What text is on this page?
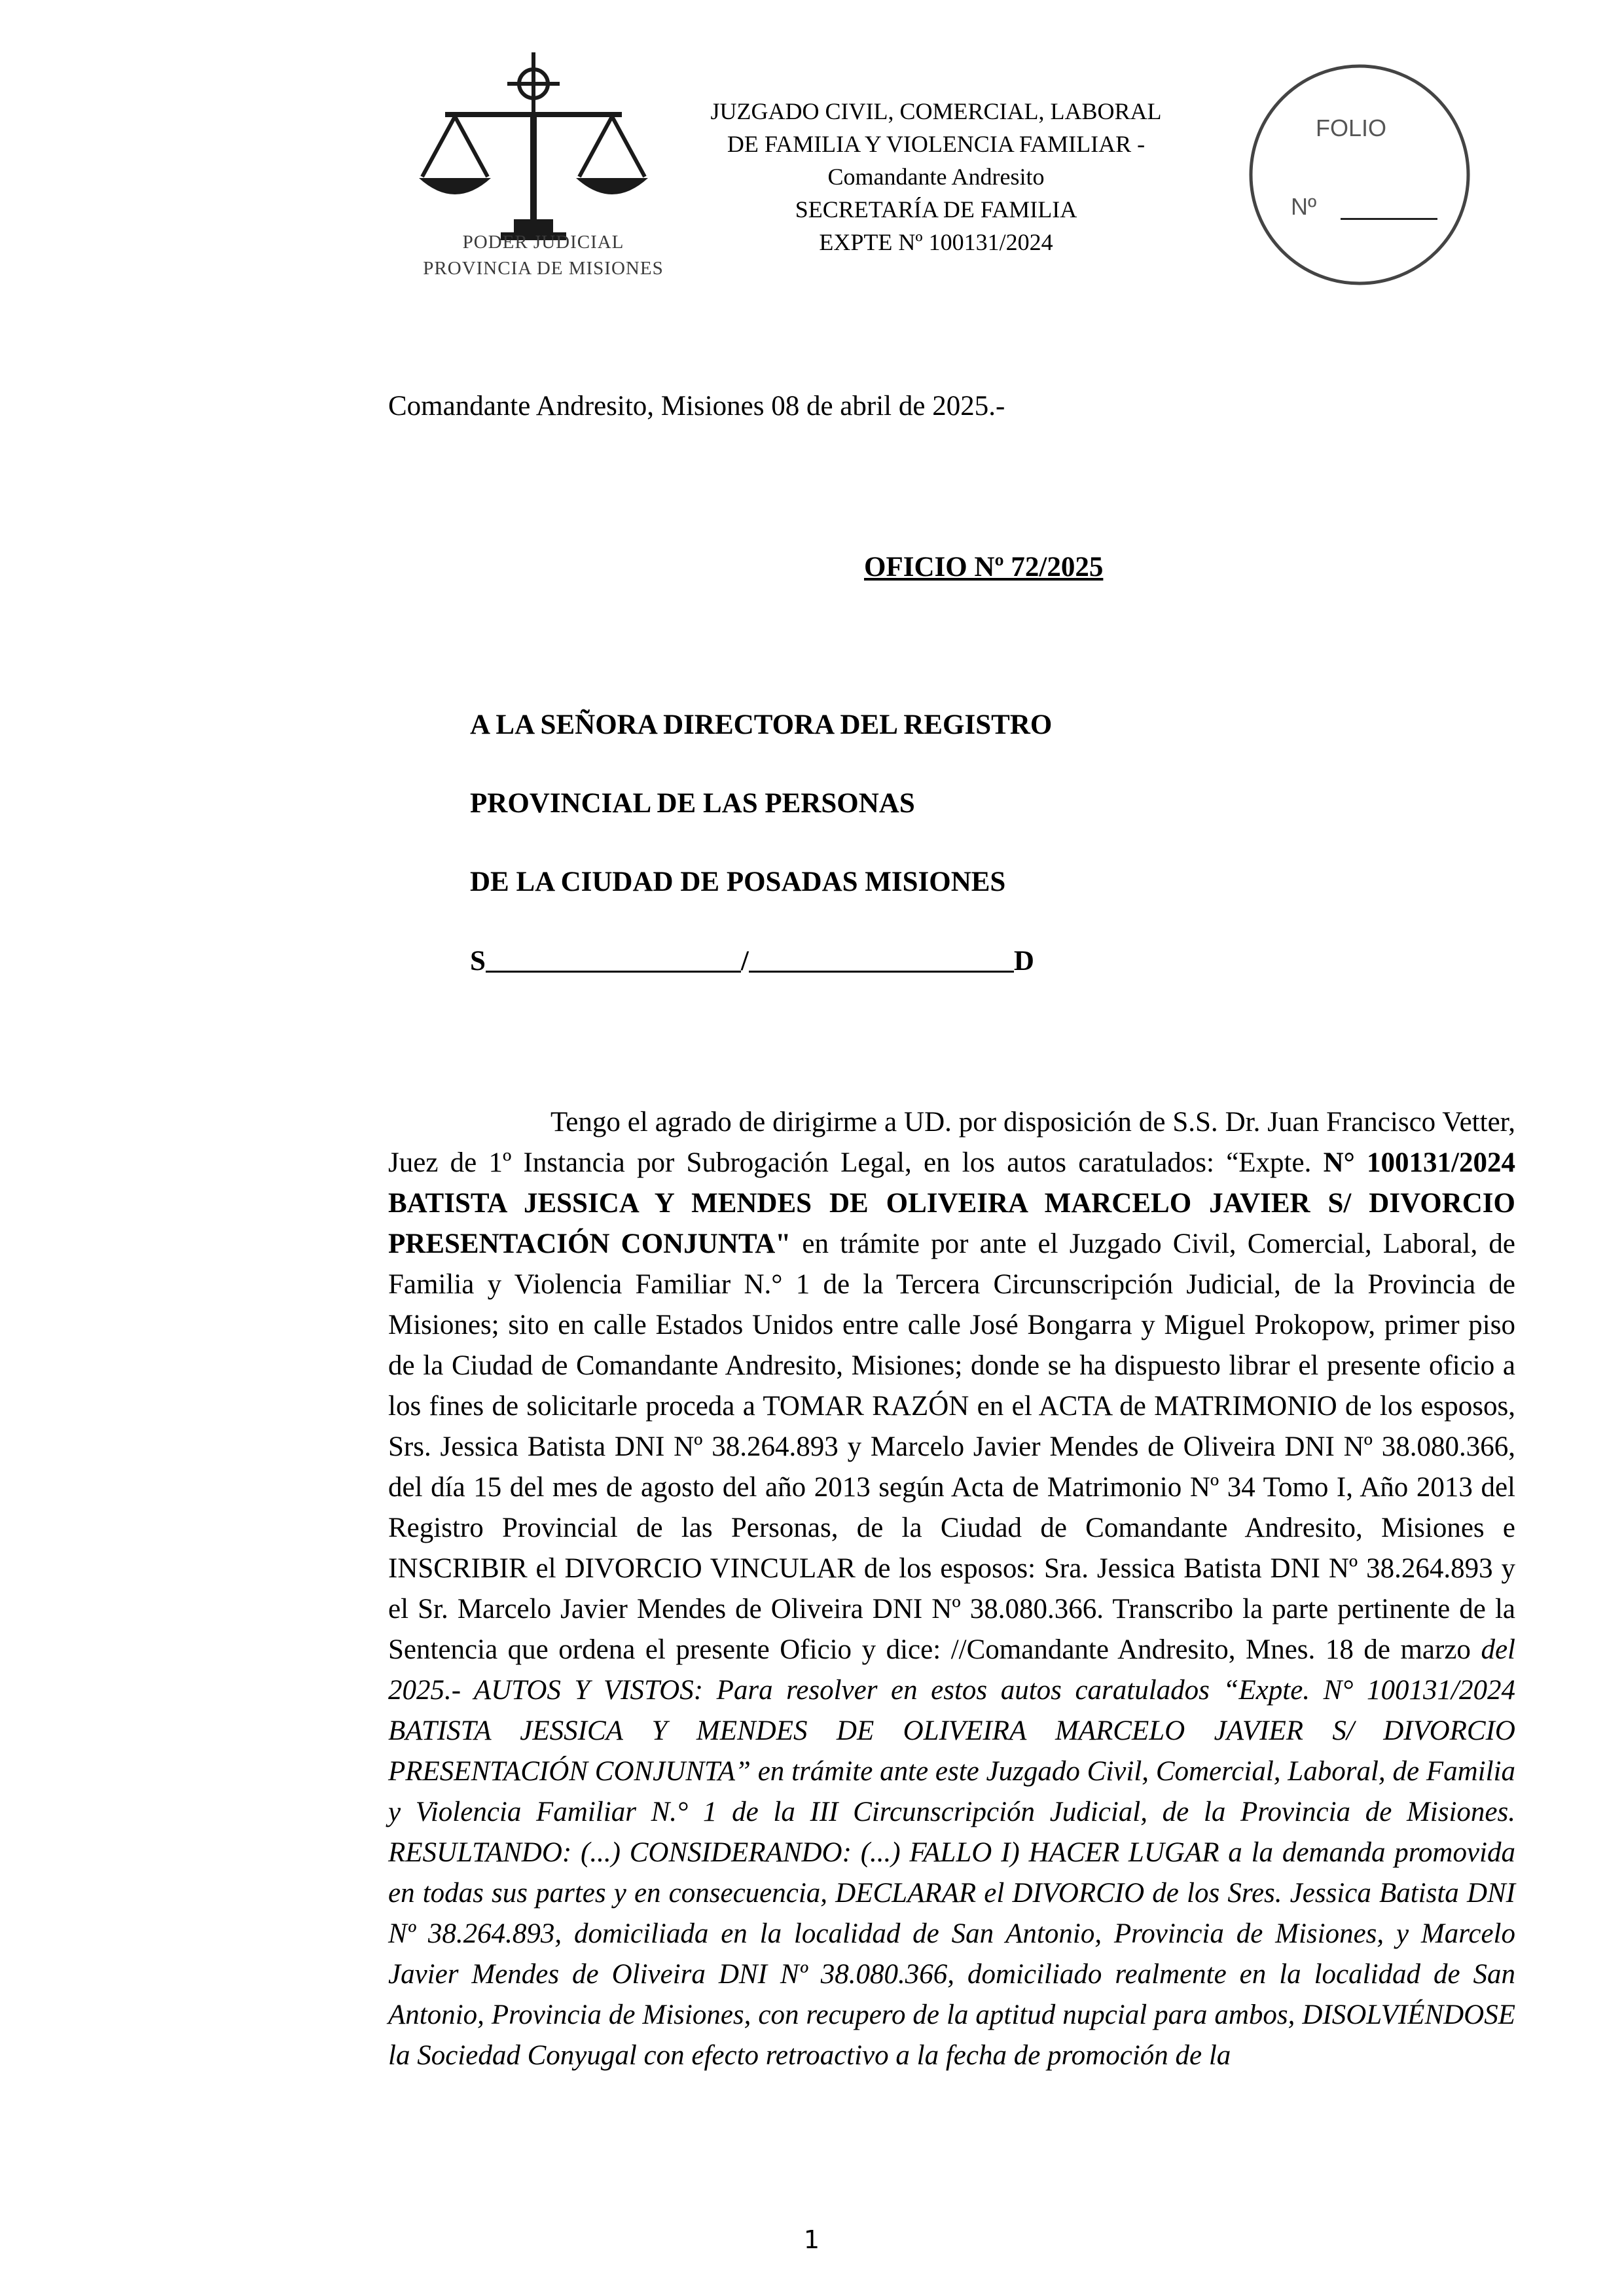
PODER JUDICIAL
PROVINCIA DE MISIONES
JUZGADO CIVIL, COMERCIAL, LABORAL
DE FAMILIA Y VIOLENCIA FAMILIAR -
Comandante Andresito
SECRETARÍA DE FAMILIA
EXPTE Nº 100131/2024
FOLIO
Nº
Comandante Andresito, Misiones 08 de abril de 2025.-
OFICIO Nº 72/2025
A LA SEÑORA DIRECTORA DEL REGISTRO
PROVINCIAL DE LAS PERSONAS
DE LA CIUDAD DE POSADAS MISIONES
S	/	D

Tengo el agrado de dirigirme a UD. por disposición de S.S. Dr. Juan Francisco Vetter, Juez de 1º Instancia por Subrogación Legal, en los autos caratulados: “Expte. N° 100131/2024 BATISTA JESSICA Y MENDES DE OLIVEIRA MARCELO JAVIER S/ DIVORCIO PRESENTACIÓN CONJUNTA" en trámite por ante el Juzgado Civil, Comercial, Laboral, de Familia y Violencia Familiar N.° 1 de la Tercera Circunscripción Judicial, de la Provincia de Misiones; sito en calle Estados Unidos entre calle José Bongarra y Miguel Prokopow, primer piso de la Ciudad de Comandante Andresito, Misiones; donde se ha dispuesto librar el presente oficio a los fines de solicitarle proceda a TOMAR RAZÓN en el ACTA de MATRIMONIO de los esposos, Srs. Jessica Batista DNI Nº 38.264.893 y Marcelo Javier Mendes de Oliveira DNI Nº 38.080.366, del día 15 del mes de agosto del año 2013 según Acta de Matrimonio Nº 34 Tomo I, Año 2013 del Registro Provincial de las Personas, de la Ciudad de Comandante Andresito, Misiones e INSCRIBIR el DIVORCIO VINCULAR de los esposos: Sra. Jessica Batista DNI Nº 38.264.893 y el Sr. Marcelo Javier Mendes de Oliveira DNI Nº 38.080.366. Transcribo la parte pertinente de la Sentencia que ordena el presente Oficio y dice: //Comandante Andresito, Mnes. 18 de marzo del 2025.- AUTOS Y VISTOS: Para resolver en estos autos caratulados “Expte. N° 100131/2024 BATISTA JESSICA Y MENDES DE OLIVEIRA MARCELO JAVIER S/ DIVORCIO PRESENTACIÓN CONJUNTA” en trámite ante este Juzgado Civil, Comercial, Laboral, de Familia y Violencia Familiar N.° 1 de la III Circunscripción Judicial, de la Provincia de Misiones. RESULTANDO: (...) CONSIDERANDO: (...) FALLO I) HACER LUGAR a la demanda promovida en todas sus partes y en consecuencia, DECLARAR el DIVORCIO de los Sres. Jessica Batista DNI Nº 38.264.893, domiciliada en la localidad de San Antonio, Provincia de Misiones, y Marcelo Javier Mendes de Oliveira DNI Nº 38.080.366, domiciliado realmente en la localidad de San Antonio, Provincia de Misiones, con recupero de la aptitud nupcial para ambos, DISOLVIÉNDOSE la Sociedad Conyugal con efecto retroactivo a la fecha de promoción de la

1
